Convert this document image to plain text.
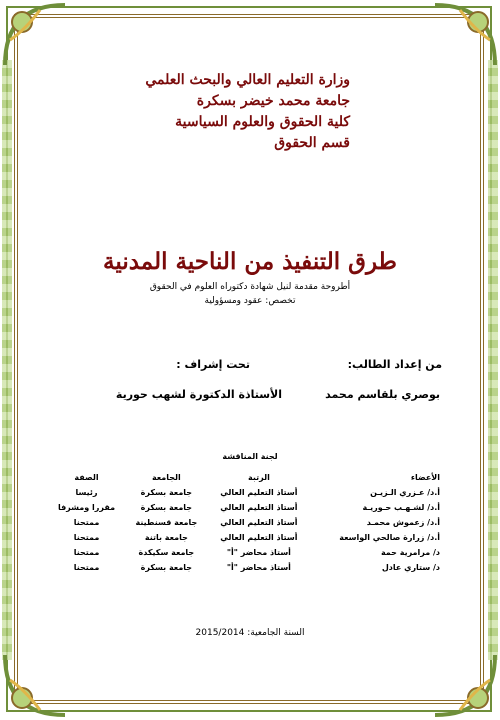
وزارة التعليم العالي والبحث العلمي
جامعة محمد خيضر بسكرة
كلية الحقوق والعلوم السياسية
قسم الحقوق
طرق التنفيذ من الناحية المدنية
أطروحة مقدمة لنيل شهادة دكتوراه العلوم في الحقوق
تخصص: عقود ومسؤولية
من إعداد الطالب:
بوصري بلقاسم محمد
تحت إشراف :
الأستاذة الدكتورة لشهب حورية
لجنة المناقشة
الأعضاء	الرتبة	الجامعة	الصفة
أ.د/ عـزري الـزيـن	أستاذ التعليم العالي	جامعة بسكرة	رئيسا
أ.د/ لشـهـب حـوريـة	أستاذ التعليم العالي	جامعة بسكرة	مقررا ومشرفا
أ.د/ زعموش محمـد	أستاذ التعليم العالي	جامعة قسنطينة	ممتحنا
أ.د/ زرارة صالحي الواسعة	أستاذ التعليم العالي	جامعة باتنة	ممتحنا
د/ مرامرية حمة	أستاذ محاضر "أ"	جامعة سكيكدة	ممتحنا
د/ ستاري عادل	أستاذ محاضر "أ"	جامعة بسكرة	ممتحنا
السنة الجامعية: 2015/2014
